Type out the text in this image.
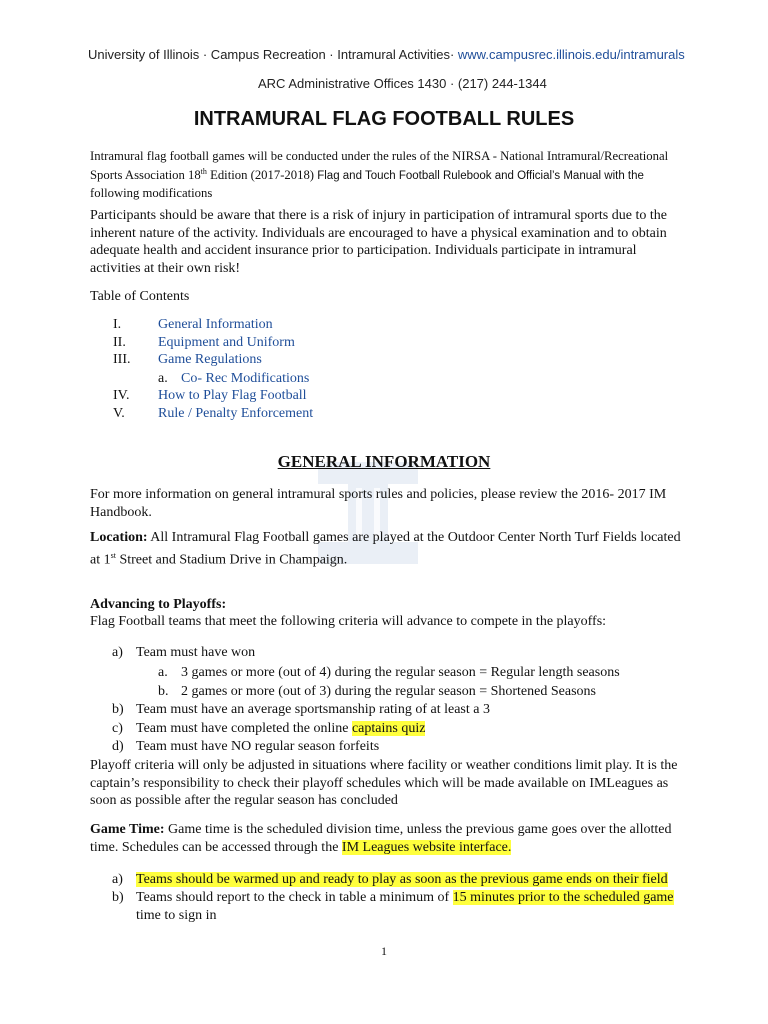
University of Illinois · Campus Recreation · Intramural Activities· www.campusrec.illinois.edu/intramurals
ARC Administrative Offices 1430 · (217) 244-1344
INTRAMURAL FLAG FOOTBALL RULES
Intramural flag football games will be conducted under the rules of the NIRSA - National Intramural/Recreational
Sports Association 18th Edition (2017-2018) Flag and Touch Football Rulebook and Official’s Manual with the
following modifications
Participants should be aware that there is a risk of injury in participation of intramural sports due to the
inherent nature of the activity. Individuals are encouraged to have a physical examination and to obtain
adequate health and accident insurance prior to participation. Individuals participate in intramural
activities at their own risk!
Table of Contents
I.	General Information
II. Equipment and Uniform
III. Game Regulations
a. Co- Rec Modifications
IV. How to Play Flag Football
V. Rule / Penalty Enforcement
GENERAL INFORMATION
For more information on general intramural sports rules and policies, please review the 2016- 2017 IM
Handbook.
Location: All Intramural Flag Football games are played at the Outdoor Center North Turf Fields located
at 1st Street and Stadium Drive in Champaign.
Advancing to Playoffs:
Flag Football teams that meet the following criteria will advance to compete in the playoffs:
a) Team must have won
a. 3 games or more (out of 4) during the regular season = Regular length seasons
b. 2 games or more (out of 3) during the regular season = Shortened Seasons
b) Team must have an average sportsmanship rating of at least a 3
c) Team must have completed the online captains quiz
d) Team must have NO regular season forfeits
Playoff criteria will only be adjusted in situations where facility or weather conditions limit play. It is the
captain’s responsibility to check their playoff schedules which will be made available on IMLeagues as
soon as possible after the regular season has concluded
Game Time: Game time is the scheduled division time, unless the previous game goes over the allotted
time. Schedules can be accessed through the IM Leagues website interface.
a) Teams should be warmed up and ready to play as soon as the previous game ends on their field
b) Teams should report to the check in table a minimum of 15 minutes prior to the scheduled game
time to sign in
1
